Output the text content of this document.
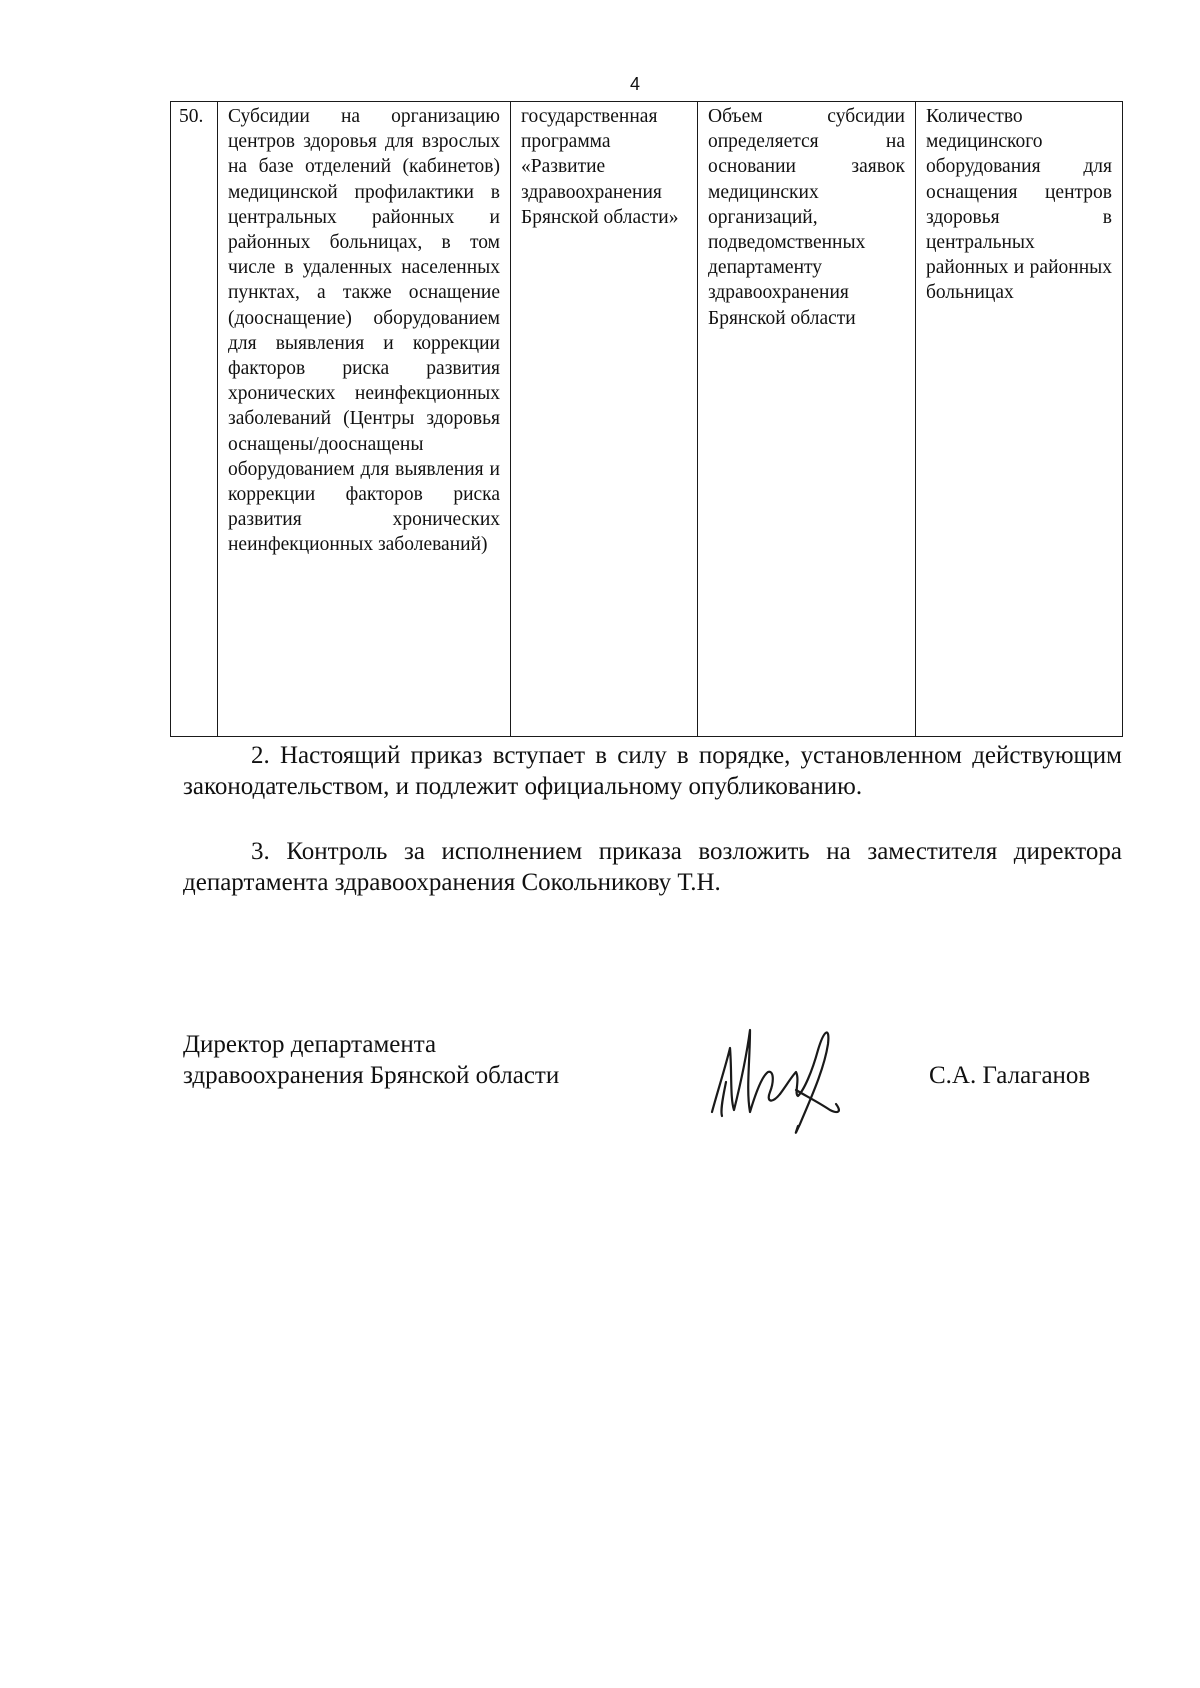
4
50.	Субсидии на организацию центров здоровья для взрослых на базе отделений (кабинетов) медицинской профилактики в центральных районных и районных больницах, в том числе в удаленных населенных пунктах, а также оснащение (дооснащение) оборудованием для выявления и коррекции факторов риска развития хронических неинфекционных заболеваний (Центры здоровья оснащены/дооснащены оборудованием для выявления и коррекции факторов риска развития хронических неинфекционных заболеваний)	государственная программа «Развитие здравоохранения Брянской области»	Объем субсидии определяется на основании заявок медицинских организаций, подведомственных департаменту здравоохранения Брянской области	Количество медицинского оборудования для оснащения центров здоровья в центральных районных и районных больницах

2. Настоящий приказ вступает в силу в порядке, установленном действующим законодательством, и подлежит официальному опубликованию.

3. Контроль за исполнением приказа возложить на заместителя директора департамента здравоохранения Сокольникову Т.Н.

Директор департамента
здравоохранения Брянской области	С.А. Галаганов
